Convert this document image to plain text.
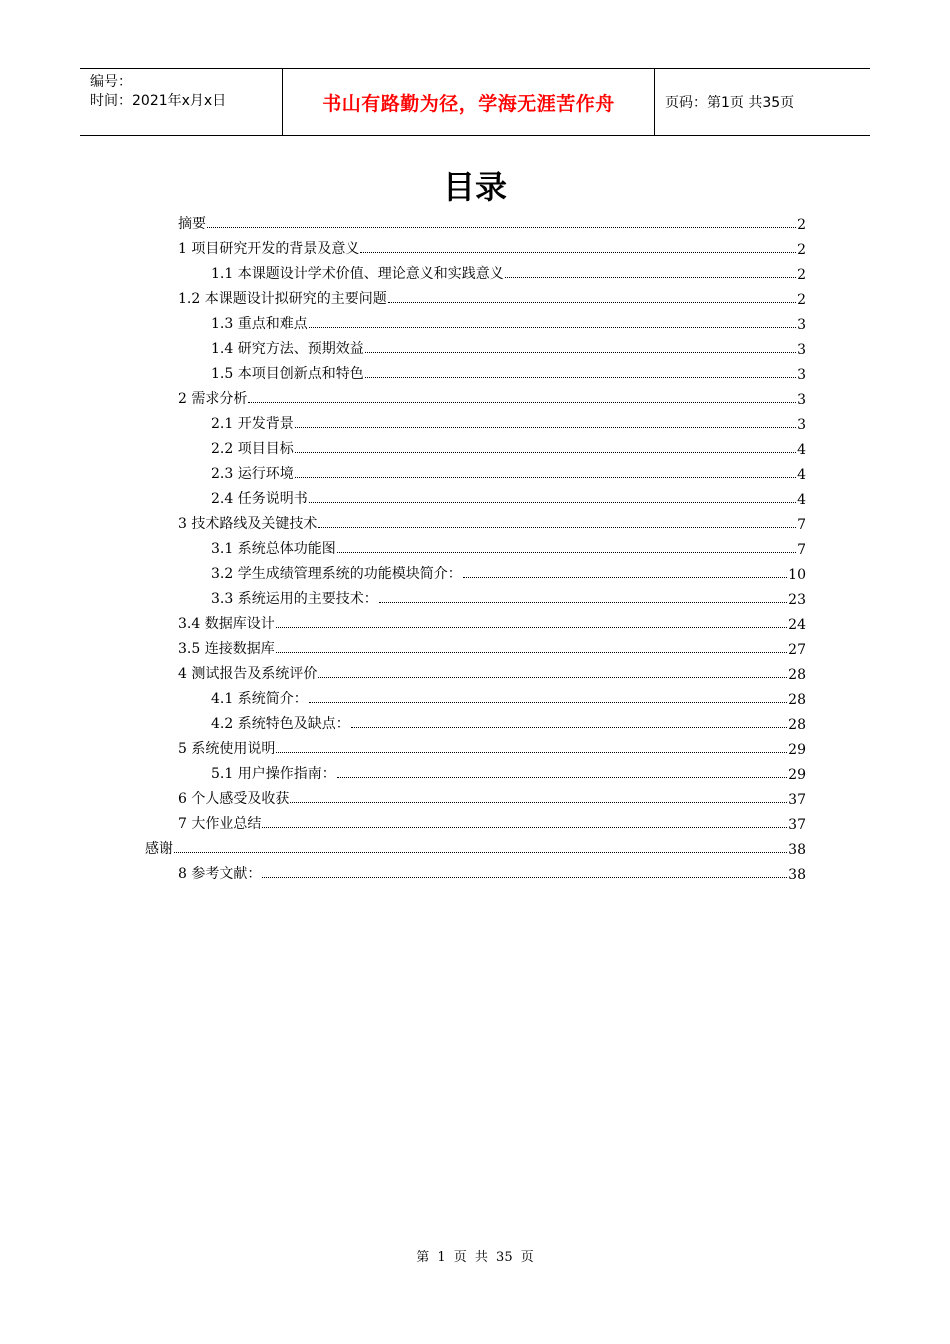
编号：
时间：2021年x月x日	书山有路勤为径，学海无涯苦作舟	页码：第1页 共35页
目录
摘要	2
1 项目研究开发的背景及意义	2
1.1 本课题设计学术价值、理论意义和实践意义	2
1.2 本课题设计拟研究的主要问题	2
1.3 重点和难点	3
1.4 研究方法、预期效益	3
1.5 本项目创新点和特色	3
2 需求分析	3
2.1 开发背景	3
2.2 项目目标	4
2.3 运行环境	4
2.4 任务说明书	4
3 技术路线及关键技术	7
3.1 系统总体功能图	7
3.2 学生成绩管理系统的功能模块简介：	10
3.3 系统运用的主要技术：	23
3.4 数据库设计	24
3.5 连接数据库	27
4 测试报告及系统评价	28
4.1 系统简介：	28
4.2 系统特色及缺点：	28
5 系统使用说明	29
5.1 用户操作指南：	29
6 个人感受及收获	37
7 大作业总结	37
感谢	38
8 参考文献：	38
第 1 页 共 35 页
